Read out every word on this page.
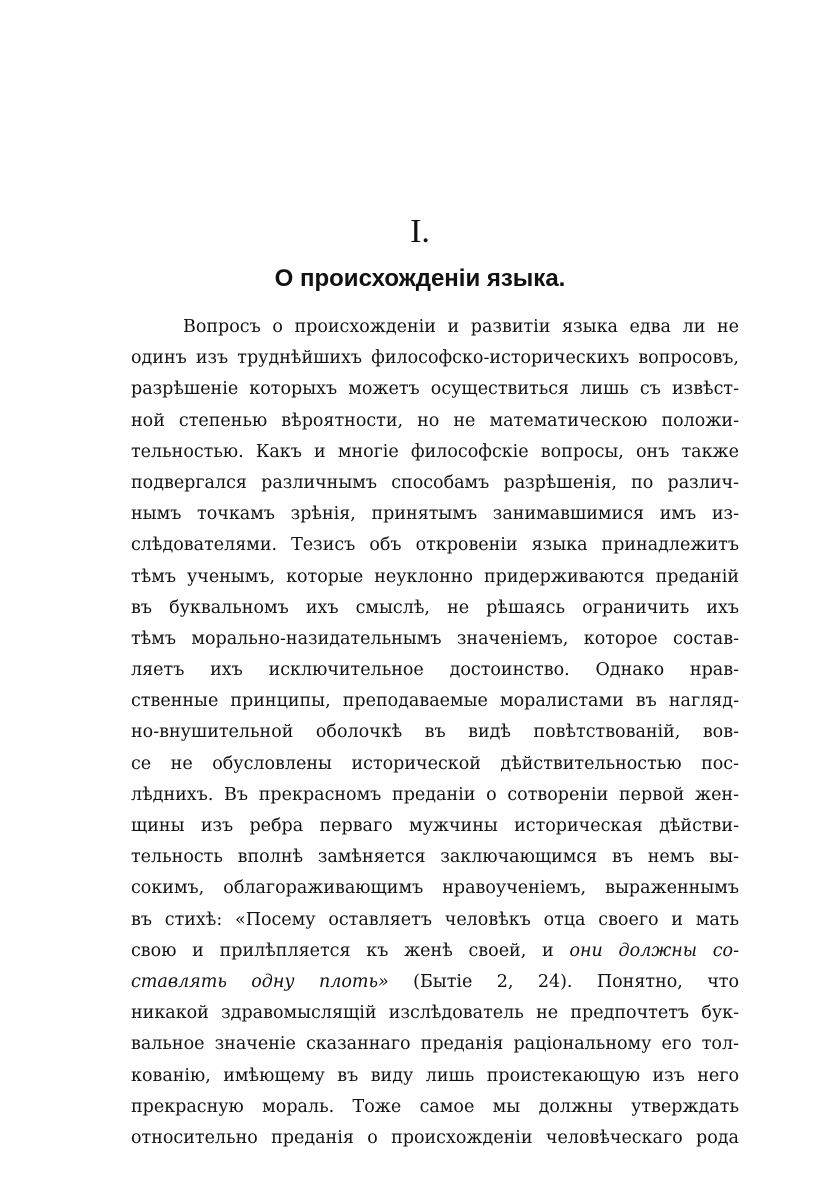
I.
О происхожденіи языка.
Вопросъ о происхожденіи и развитіи языка едва ли не
одинъ изъ труднѣйшихъ философско-историческихъ вопросовъ,
разрѣшеніе которыхъ можетъ осуществиться лишь съ извѣст-
ной степенью вѣроятности, но не математическою положи-
тельностью. Какъ и многіе философскіе вопросы, онъ также
подвергался различнымъ способамъ разрѣшенія, по различ-
нымъ точкамъ зрѣнія, принятымъ занимавшимися имъ из-
слѣдователями. Тезисъ объ откровеніи языка принадлежитъ
тѣмъ ученымъ, которые неуклонно придерживаются преданій
въ буквальномъ ихъ смыслѣ, не рѣшаясь ограничить ихъ
тѣмъ морально-назидательнымъ значеніемъ, которое состав-
ляетъ ихъ исключительное достоинство. Однако нрав-
ственные принципы, преподаваемые моралистами въ нагляд-
но-внушительной оболочкѣ въ видѣ повѣтствованій, вов-
се не обусловлены исторической дѣйствительностью пос-
лѣднихъ. Въ прекрасномъ преданіи о сотвореніи первой жен-
щины изъ ребра перваго мужчины историческая дѣйстви-
тельность вполнѣ замѣняется заключающимся въ немъ вы-
сокимъ, облагораживающимъ нравоученіемъ, выраженнымъ
въ стихѣ: «Посему оставляетъ человѣкъ отца своего и мать
свою и прилѣпляется къ женѣ своей, и они должны со-
ставлять одну плоть» (Бытіе 2, 24). Понятно, что
никакой здравомыслящій изслѣдователь не предпочтетъ бук-
вальное значеніе сказаннаго преданія раціональному его тол-
кованію, имѣющему въ виду лишь проистекающую изъ него
прекрасную мораль. Тоже самое мы должны утверждать
относительно преданія о происхожденіи человѣческаго рода
